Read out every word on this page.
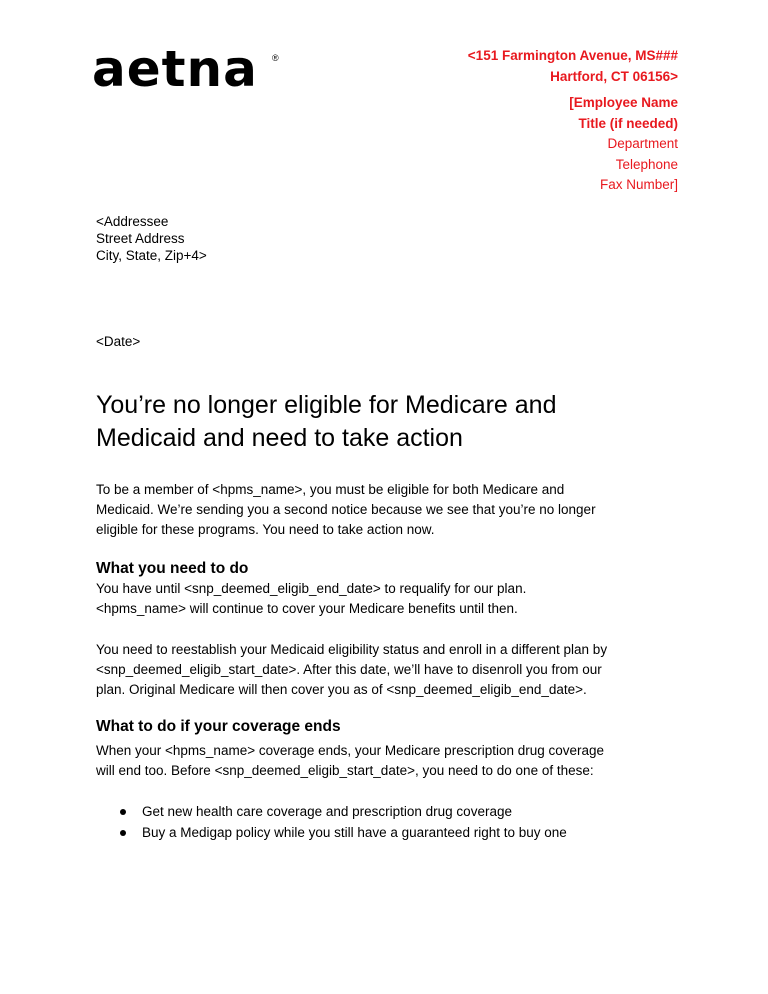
aetna ®	<151 Farmington Avenue, MS###
Hartford, CT 06156>
[Employee Name
Title (if needed)
Department
Telephone
Fax Number]
<Addressee
Street Address
City, State, Zip+4>
<Date>
You’re no longer eligible for Medicare and
Medicaid and need to take action

To be a member of <hpms_name>, you must be eligible for both Medicare and
Medicaid. We’re sending you a second notice because we see that you’re no longer
eligible for these programs. You need to take action now.

What you need to do

You have until <snp_deemed_eligib_end_date> to requalify for our plan.
<hpms_name> will continue to cover your Medicare benefits until then.

You need to reestablish your Medicaid eligibility status and enroll in a different plan by
<snp_deemed_eligib_start_date>. After this date, we’ll have to disenroll you from our
plan. Original Medicare will then cover you as of <snp_deemed_eligib_end_date>.

What to do if your coverage ends

When your <hpms_name> coverage ends, your Medicare prescription drug coverage
will end too. Before <snp_deemed_eligib_start_date>, you need to do one of these:

Get new health care coverage and prescription drug coverage
Buy a Medigap policy while you still have a guaranteed right to buy one
